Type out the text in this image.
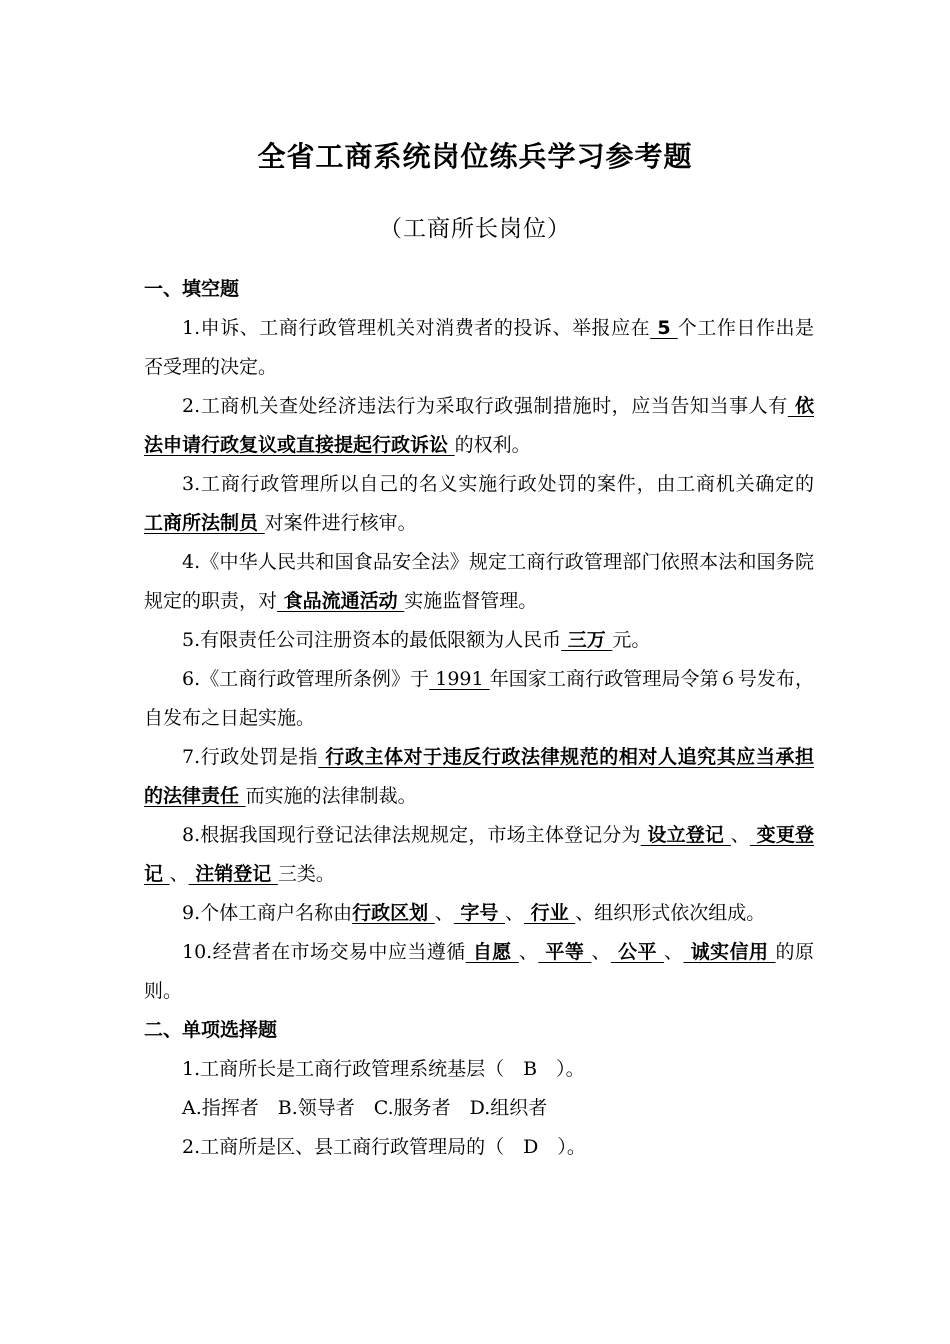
全省工商系统岗位练兵学习参考题
（工商所长岗位）

一、填空题

1.申诉、工商行政管理机关对消费者的投诉、举报应在 5 个工作日作出是否受理的决定。

2.工商机关查处经济违法行为采取行政强制措施时，应当告知当事人有 依法申请行政复议或直接提起行政诉讼 的权利。

3.工商行政管理所以自己的名义实施行政处罚的案件，由工商机关确定的 工商所法制员 对案件进行核审。

4.《中华人民共和国食品安全法》规定工商行政管理部门依照本法和国务院规定的职责，对 食品流通活动 实施监督管理。

5.有限责任公司注册资本的最低限额为人民币 三万 元。

6.《工商行政管理所条例》于 1991 年国家工商行政管理局令第６号发布，自发布之日起实施。

7.行政处罚是指 行政主体对于违反行政法律规范的相对人追究其应当承担的法律责任 而实施的法律制裁。

8.根据我国现行登记法律法规规定，市场主体登记分为 设立登记 、 变更登记 、 注销登记 三类。

9.个体工商户名称由行政区划 、 字号 、 行业 、组织形式依次组成。

10.经营者在市场交易中应当遵循 自愿 、 平等 、 公平 、 诚实信用 的原则。

二、单项选择题

1.工商所长是工商行政管理系统基层（　B　）。

A.指挥者　B.领导者　C.服务者　D.组织者

2.工商所是区、县工商行政管理局的（　D　）。
